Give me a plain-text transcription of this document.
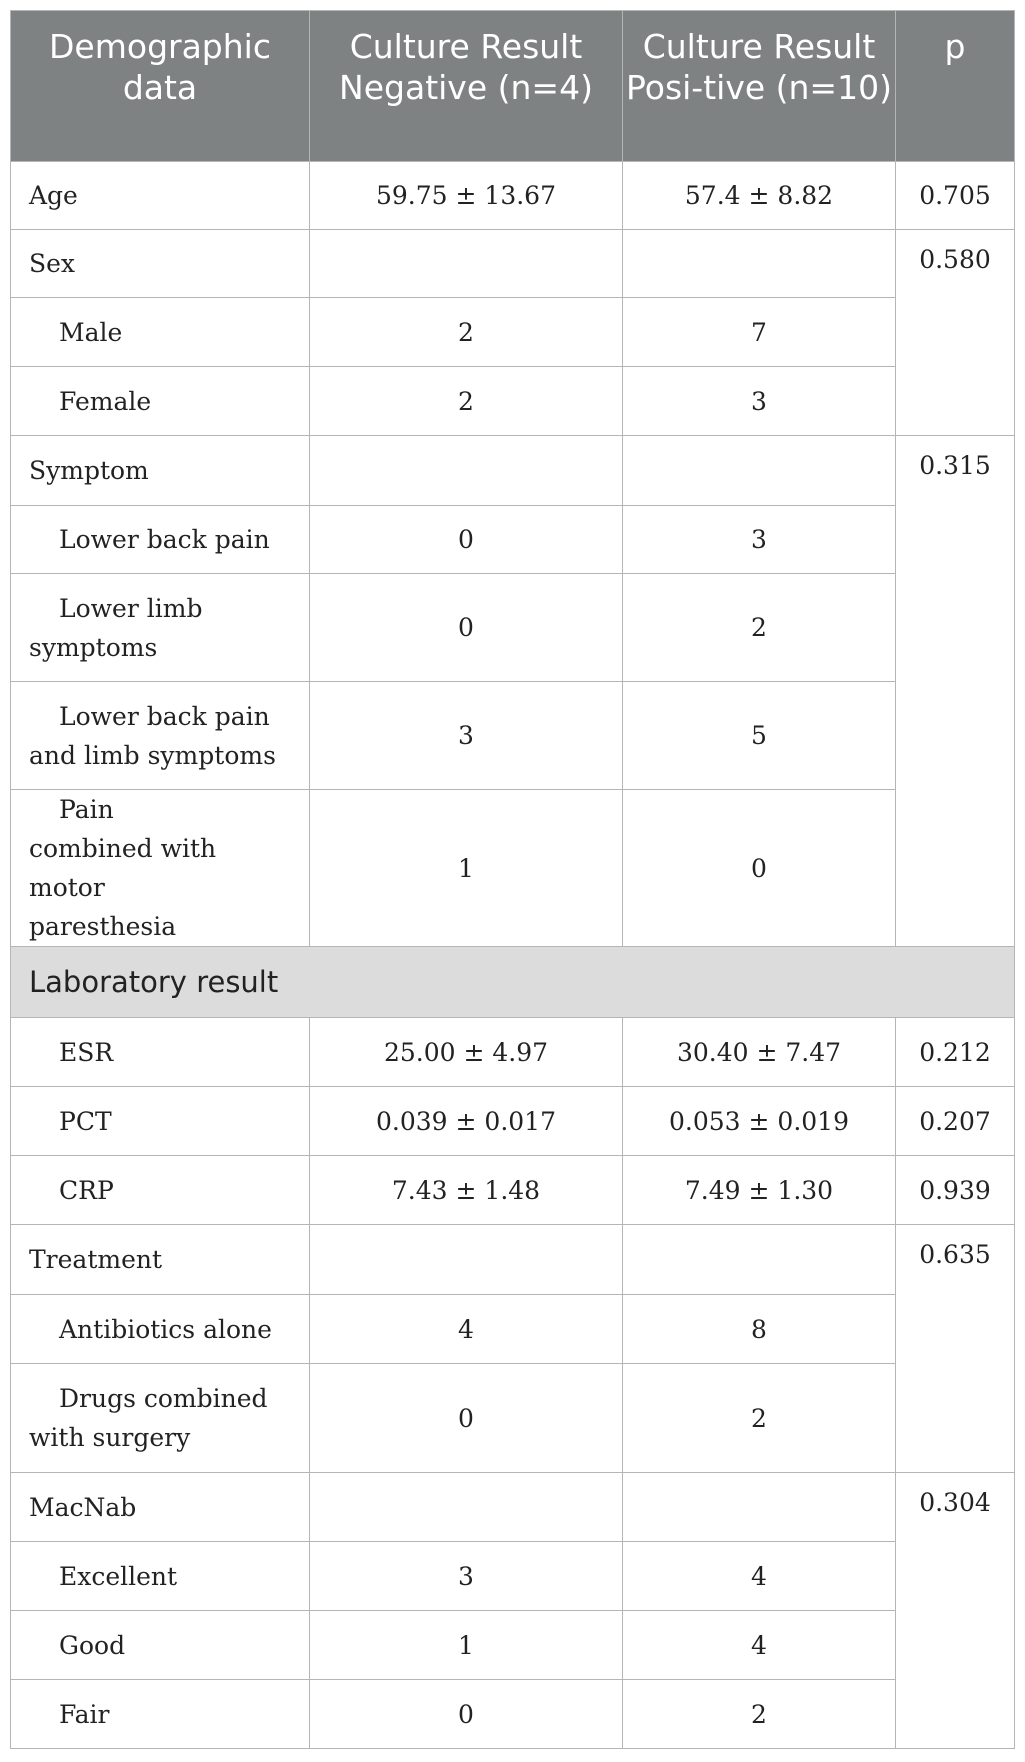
Demographic data	Culture Result Negative (n=4)	Culture Result Posi-tive (n=10)	p
Age	59.75 ± 13.67	57.4 ± 8.82	0.705
Sex			0.580
Male	2	7	
Female	2	3	
Symptom			0.315
Lower back pain	0	3	
Lower limb symptoms	0	2	
Lower back pain and limb symptoms	3	5	
Pain combined with motor paresthesia	1	0	
Laboratory result			
ESR	25.00 ± 4.97	30.40 ± 7.47	0.212
PCT	0.039 ± 0.017	0.053 ± 0.019	0.207
CRP	7.43 ± 1.48	7.49 ± 1.30	0.939
Treatment			0.635
Antibiotics alone	4	8	
Drugs combined with surgery	0	2	
MacNab			0.304
Excellent	3	4	
Good	1	4	
Fair	0	2	
